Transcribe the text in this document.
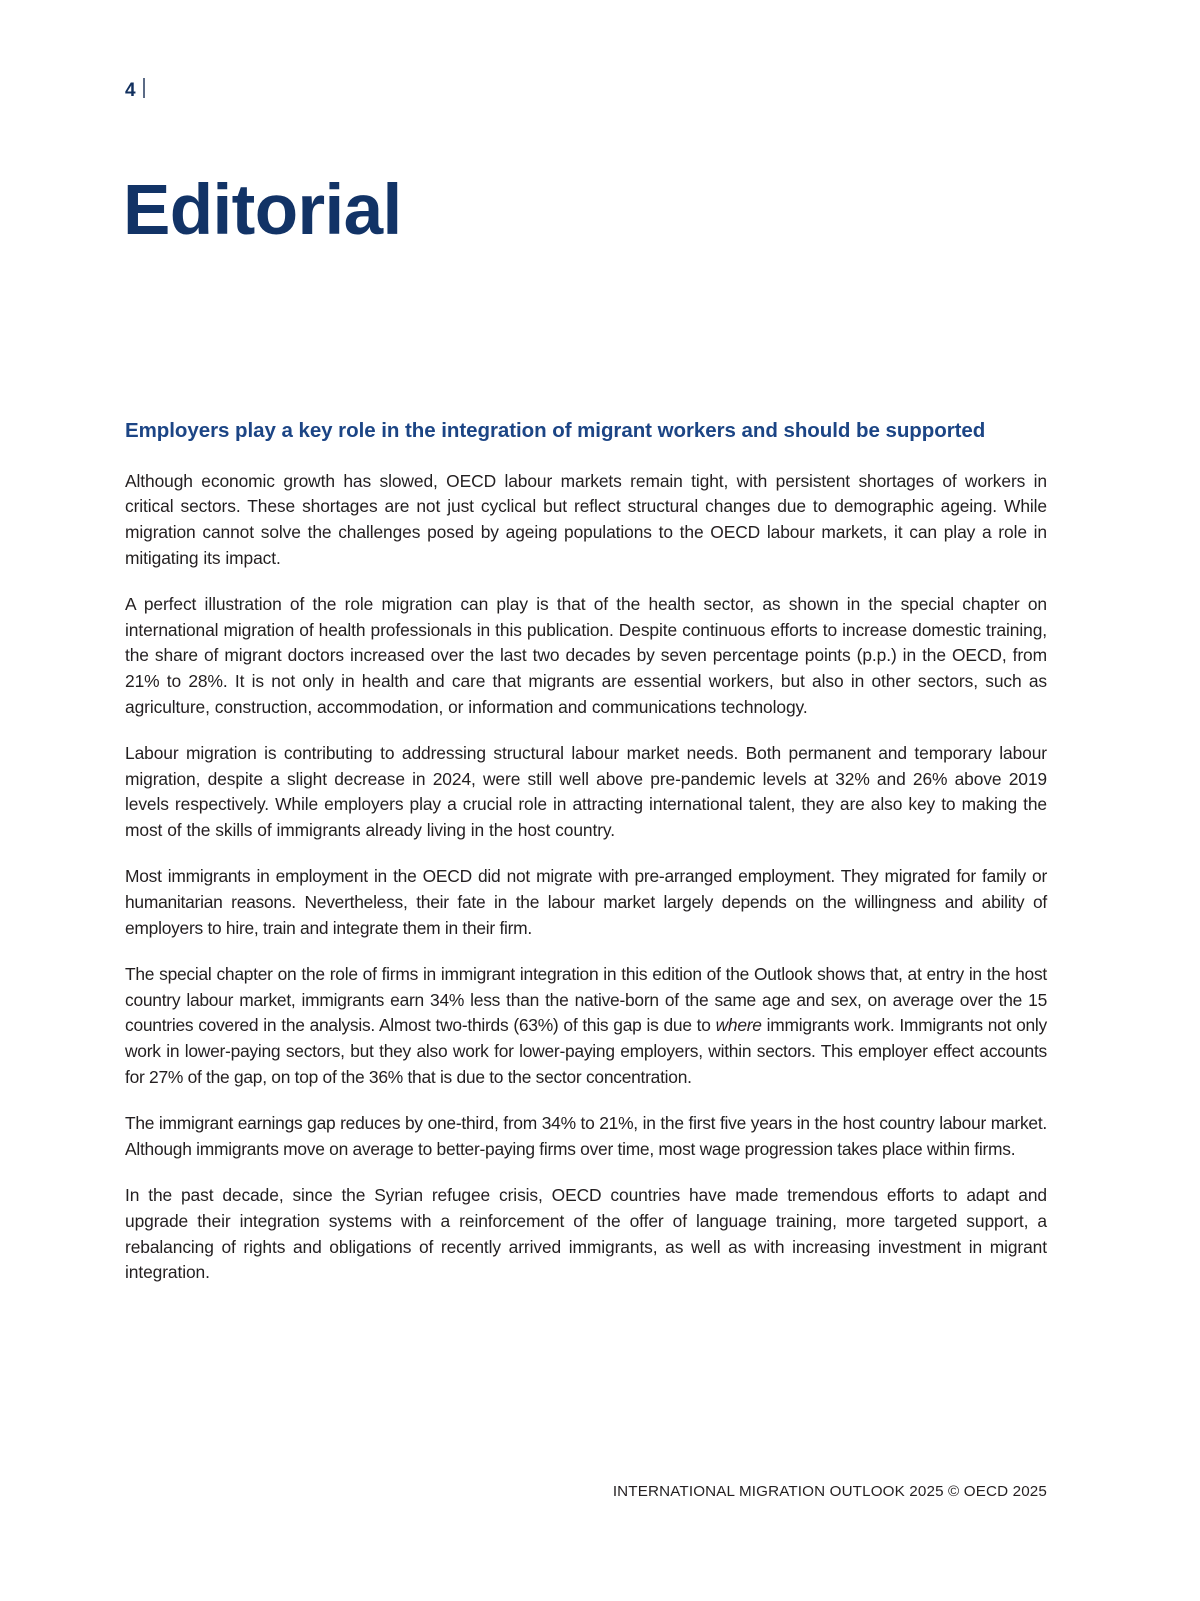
4
Editorial
Employers play a key role in the integration of migrant workers and should be supported

Although economic growth has slowed, OECD labour markets remain tight, with persistent shortages of workers in critical sectors. These shortages are not just cyclical but reflect structural changes due to demographic ageing. While migration cannot solve the challenges posed by ageing populations to the OECD labour markets, it can play a role in mitigating its impact.

A perfect illustration of the role migration can play is that of the health sector, as shown in the special chapter on international migration of health professionals in this publication. Despite continuous efforts to increase domestic training, the share of migrant doctors increased over the last two decades by seven percentage points (p.p.) in the OECD, from 21% to 28%. It is not only in health and care that migrants are essential workers, but also in other sectors, such as agriculture, construction, accommodation, or information and communications technology.

Labour migration is contributing to addressing structural labour market needs. Both permanent and temporary labour migration, despite a slight decrease in 2024, were still well above pre-pandemic levels at 32% and 26% above 2019 levels respectively. While employers play a crucial role in attracting international talent, they are also key to making the most of the skills of immigrants already living in the host country.

Most immigrants in employment in the OECD did not migrate with pre-arranged employment. They migrated for family or humanitarian reasons. Nevertheless, their fate in the labour market largely depends on the willingness and ability of employers to hire, train and integrate them in their firm.

The special chapter on the role of firms in immigrant integration in this edition of the Outlook shows that, at entry in the host country labour market, immigrants earn 34% less than the native-born of the same age and sex, on average over the 15 countries covered in the analysis. Almost two-thirds (63%) of this gap is due to where immigrants work. Immigrants not only work in lower-paying sectors, but they also work for lower-paying employers, within sectors. This employer effect accounts for 27% of the gap, on top of the 36% that is due to the sector concentration.

The immigrant earnings gap reduces by one-third, from 34% to 21%, in the first five years in the host country labour market. Although immigrants move on average to better-paying firms over time, most wage progression takes place within firms.

In the past decade, since the Syrian refugee crisis, OECD countries have made tremendous efforts to adapt and upgrade their integration systems with a reinforcement of the offer of language training, more targeted support, a rebalancing of rights and obligations of recently arrived immigrants, as well as with increasing investment in migrant integration.

INTERNATIONAL MIGRATION OUTLOOK 2025 © OECD 2025
